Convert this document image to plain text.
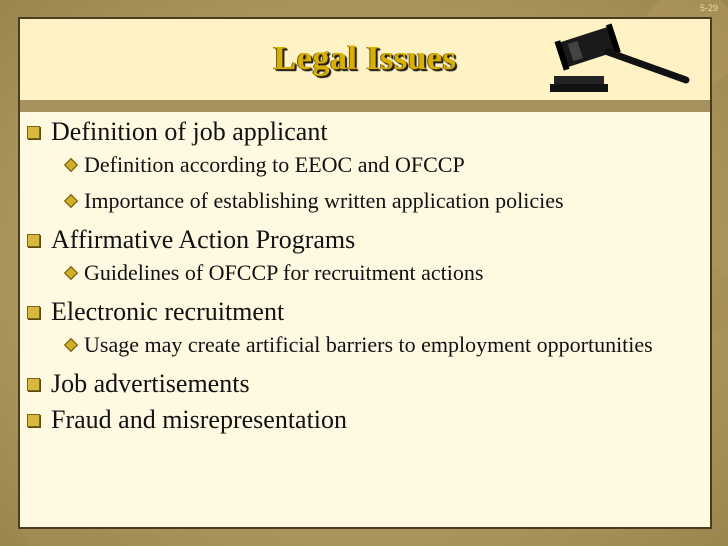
5-29
Legal Issues
Definition of job applicant
Definition according to EEOC and OFCCP
Importance of establishing written application policies
Affirmative Action Programs
Guidelines of OFCCP for recruitment actions
Electronic recruitment
Usage may create artificial barriers to employment opportunities
Job advertisements
Fraud and misrepresentation
